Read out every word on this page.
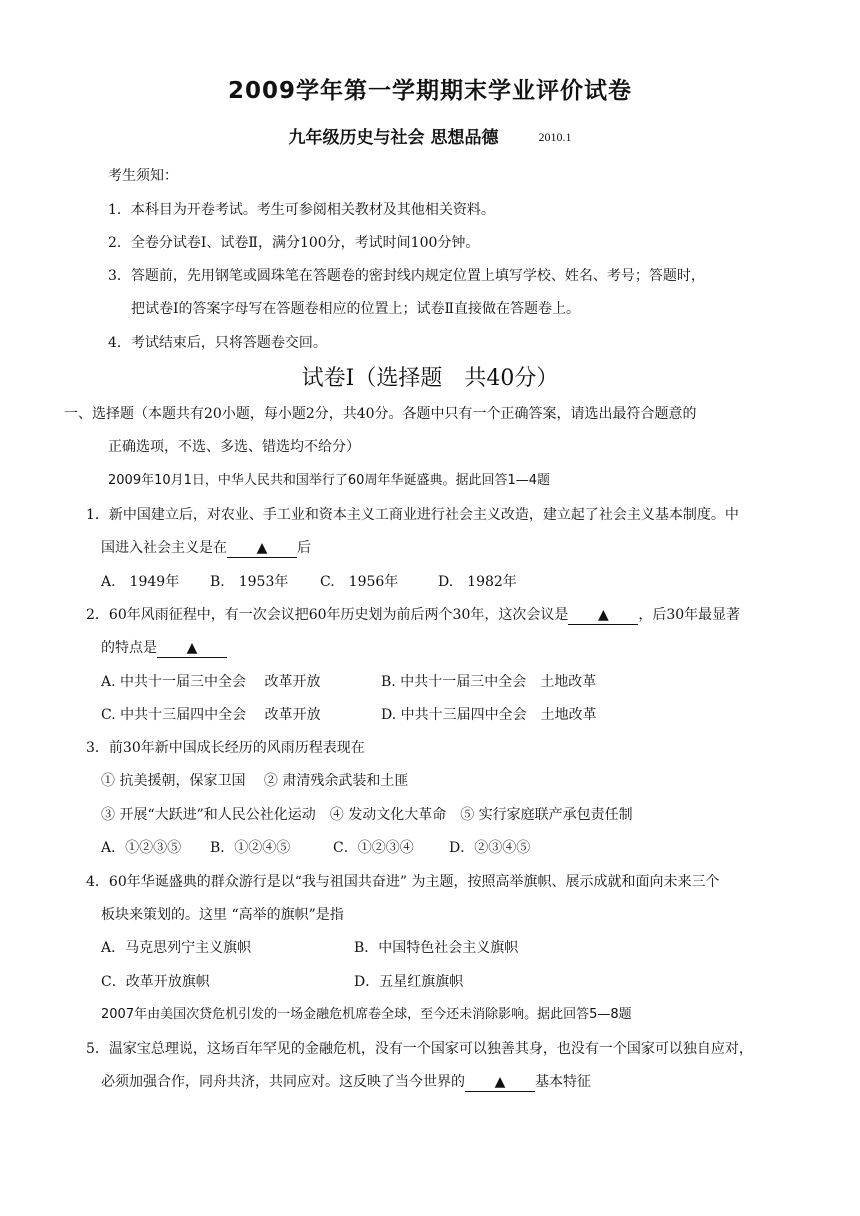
2009学年第一学期期末学业评价试卷
九年级历史与社会 思想品德	2010.1
考生须知：
1．本科目为开卷考试。考生可参阅相关教材及其他相关资料。
2．全卷分试卷Ⅰ、试卷Ⅱ，满分100分，考试时间100分钟。
3．答题前，先用钢笔或圆珠笔在答题卷的密封线内规定位置上填写学校、姓名、考号；答题时，
把试卷Ⅰ的答案字母写在答题卷相应的位置上；试卷Ⅱ直接做在答题卷上。
4．考试结束后，只将答题卷交回。
试卷Ⅰ（选择题　共40分）
一、选择题（本题共有20小题，每小题2分，共40分。各题中只有一个正确答案，请选出最符合题意的
正确选项，不选、多选、错选均不给分）
2009年10月1日，中华人民共和国举行了60周年华诞盛典。据此回答1—4题
1．新中国建立后，对农业、手工业和资本主义工商业进行社会主义改造，建立起了社会主义基本制度。中
国进入社会主义是在 ▲ 后
A.　1949年 B.　1953年 C.　1956年	D.　1982年
2．60年风雨征程中，有一次会议把60年历史划为前后两个30年，这次会议是 ▲ ，后30年最显著
的特点是 ▲
A. 中共十一届三中全会　 改革开放	B. 中共十一届三中全会　土地改革
C. 中共十三届四中全会　 改革开放	D. 中共十三届四中全会　土地改革
3．前30年新中国成长经历的风雨历程表现在
① 抗美援朝，保家卫国　 ② 肃清残余武装和土匪
③ 开展“大跃进”和人民公社化运动　④ 发动文化大革命　⑤ 实行家庭联产承包责任制
A．①②③⑤ B．①②④⑤	C．①②③④	D．②③④⑤
4．60年华诞盛典的群众游行是以“我与祖国共奋进” 为主题，按照高举旗帜、展示成就和面向未来三个
板块来策划的。这里 “高举的旗帜”是指
A．马克思列宁主义旗帜	B．中国特色社会主义旗帜
C．改革开放旗帜	D．五星红旗旗帜
2007年由美国次贷危机引发的一场金融危机席卷全球，至今还未消除影响。据此回答5—8题
5．温家宝总理说，这场百年罕见的金融危机，没有一个国家可以独善其身，也没有一个国家可以独自应对，
必须加强合作，同舟共济，共同应对。这反映了当今世界的 ▲ 基本特征
